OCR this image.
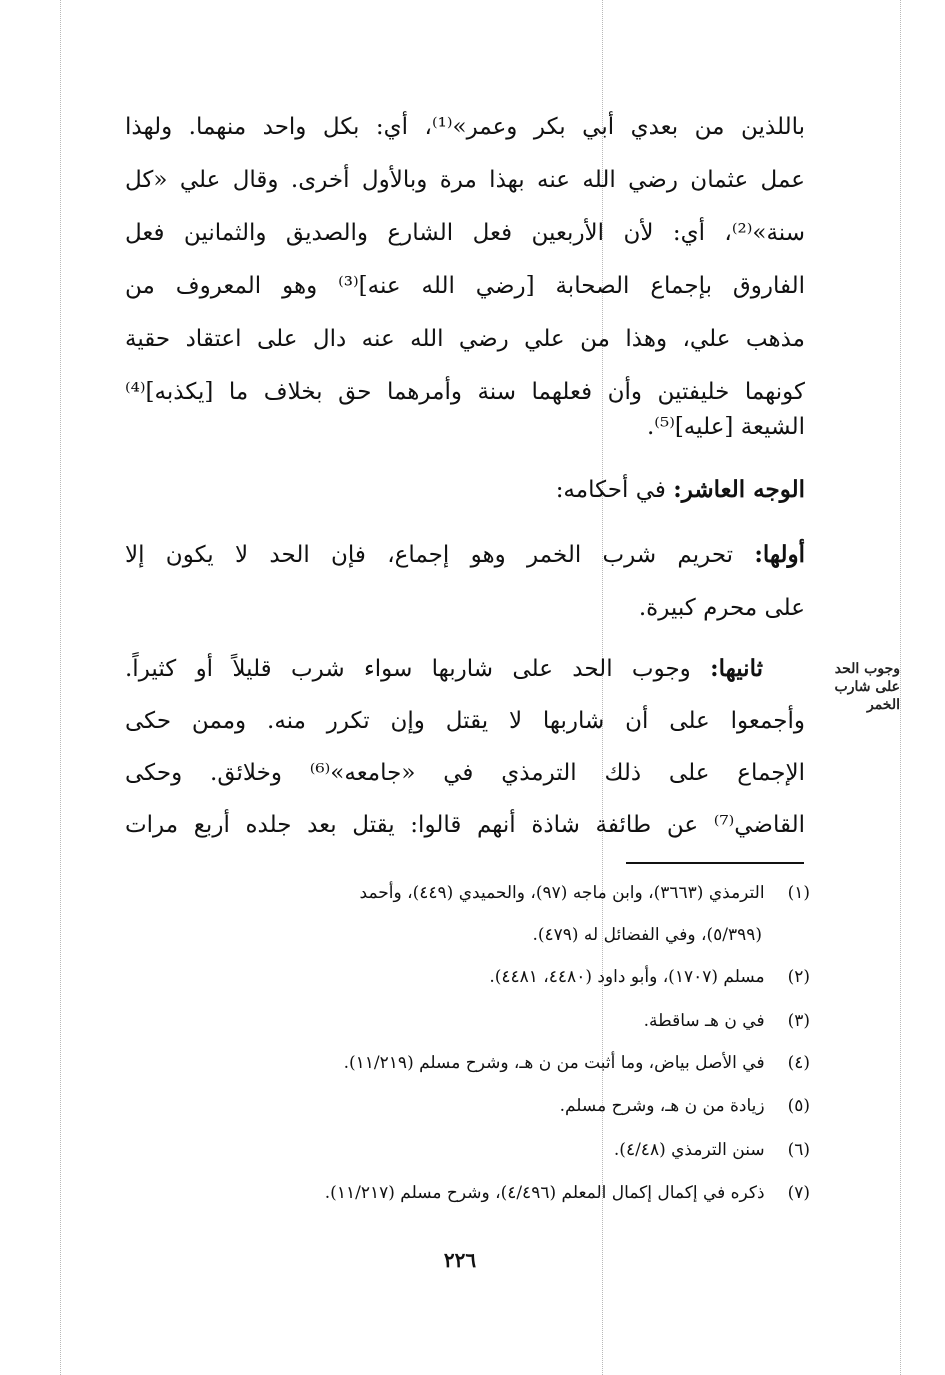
باللذين من بعدي أبي بكر وعمر»⁽¹⁾، أي: بكل واحد منهما. ولهذا
عمل عثمان رضي الله عنه بهذا مرة وبالأول أخرى. وقال علي «كل
سنة»⁽²⁾، أي: لأن الأربعين فعل الشارع والصديق والثمانين فعل
الفاروق بإجماع الصحابة [رضي الله عنه]⁽³⁾ وهو المعروف من
مذهب علي، وهذا من علي رضي الله عنه دال على اعتقاد حقية
كونهما خليفتين وأن فعلهما سنة وأمرهما حق بخلاف ما [يكذبه]⁽⁴⁾
الشيعة [عليه]⁽⁵⁾.
الوجه العاشر: في أحكامه:
أولها: تحريم شرب الخمر وهو إجماع، فإن الحد لا يكون إلا
على محرم كبيرة.
وجوب الحد
على شارب
الخمر
ثانيها: وجوب الحد على شاربها سواء شرب قليلاً أو كثيراً.
وأجمعوا على أن شاربها لا يقتل وإن تكرر منه. وممن حكى
الإجماع على ذلك الترمذي في «جامعه»⁽⁶⁾ وخلائق. وحكى
القاضي⁽⁷⁾ عن طائفة شاذة أنهم قالوا: يقتل بعد جلده أربع مرات
(١) الترمذي (٣٦٦٣)، وابن ماجه (٩٧)، والحميدي (٤٤٩)، وأحمد
(٥/٣٩٩)، وفي الفضائل له (٤٧٩).
(٢) مسلم (١٧٠٧)، وأبو داود (٤٤٨٠، ٤٤٨١).
(٣) في ن هـ ساقطة.
(٤) في الأصل بياض، وما أثبت من ن هـ، وشرح مسلم (١١/٢١٩).
(٥) زيادة من ن هـ، وشرح مسلم.
(٦) سنن الترمذي (٤/٤٨).
(٧) ذكره في إكمال إكمال المعلم (٤/٤٩٦)، وشرح مسلم (١١/٢١٧).
٢٢٦
